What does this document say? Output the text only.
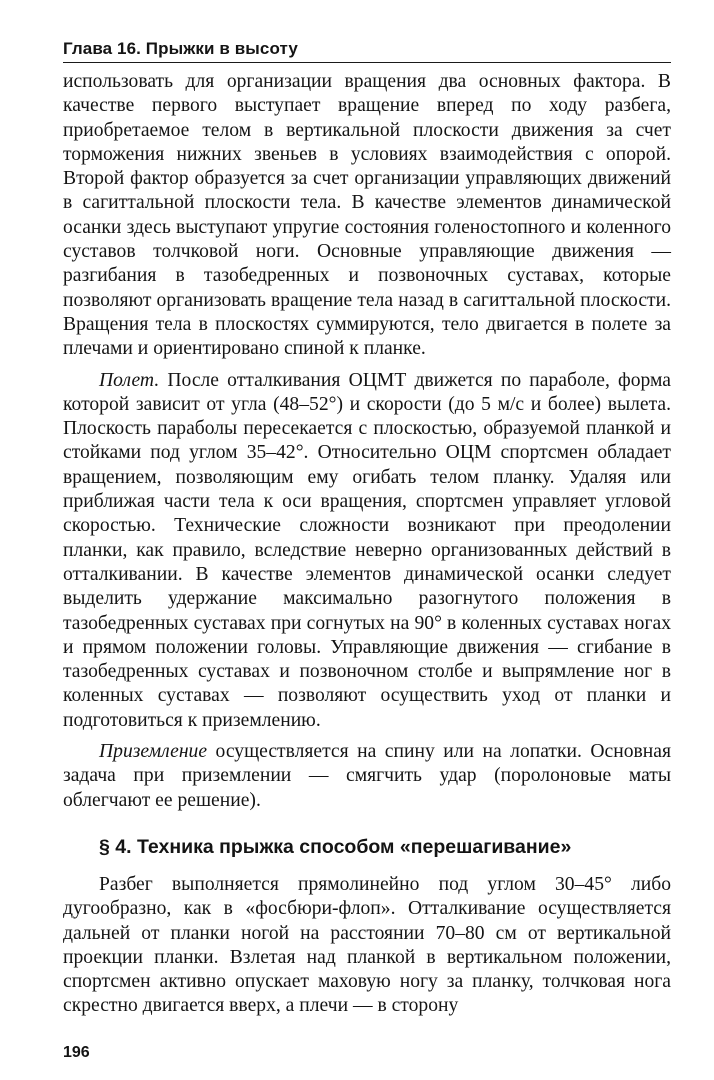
Глава 16. Прыжки в высоту

использовать для организации вращения два основных фактора. В качестве первого выступает вращение вперед по ходу разбега, приобретаемое телом в вертикальной плоскости движения за счет торможения нижних звеньев в условиях взаимодействия с опорой. Второй фактор образуется за счет организации управляющих движений в сагиттальной плоскости тела. В качестве элементов динамической осанки здесь выступают упругие состояния голеностопного и коленного суставов толчковой ноги. Основные управляющие движения — разгибания в тазобедренных и позвоночных суставах, которые позволяют организовать вращение тела назад в сагиттальной плоскости. Вращения тела в плоскостях суммируются, тело двигается в полете за плечами и ориентировано спиной к планке.

Полет. После отталкивания ОЦМТ движется по параболе, форма которой зависит от угла (48–52°) и скорости (до 5 м/с и более) вылета. Плоскость параболы пересекается с плоскостью, образуемой планкой и стойками под углом 35–42°. Относительно ОЦМ спортсмен обладает вращением, позволяющим ему огибать телом планку. Удаляя или приближая части тела к оси вращения, спортсмен управляет угловой скоростью. Технические сложности возникают при преодолении планки, как правило, вследствие неверно организованных действий в отталкивании. В качестве элементов динамической осанки следует выделить удержание максимально разогнутого положения в тазобедренных суставах при согнутых на 90° в коленных суставах ногах и прямом положении головы. Управляющие движения — сгибание в тазобедренных суставах и позвоночном столбе и выпрямление ног в коленных суставах — позволяют осуществить уход от планки и подготовиться к приземлению.

Приземление осуществляется на спину или на лопатки. Основная задача при приземлении — смягчить удар (поролоновые маты облегчают ее решение).

§ 4. Техника прыжка способом «перешагивание»

Разбег выполняется прямолинейно под углом 30–45° либо дугообразно, как в «фосбюри-флоп». Отталкивание осуществляется дальней от планки ногой на расстоянии 70–80 см от вертикальной проекции планки. Взлетая над планкой в вертикальном положении, спортсмен активно опускает маховую ногу за планку, толчковая нога скрестно двигается вверх, а плечи — в сторону

196
